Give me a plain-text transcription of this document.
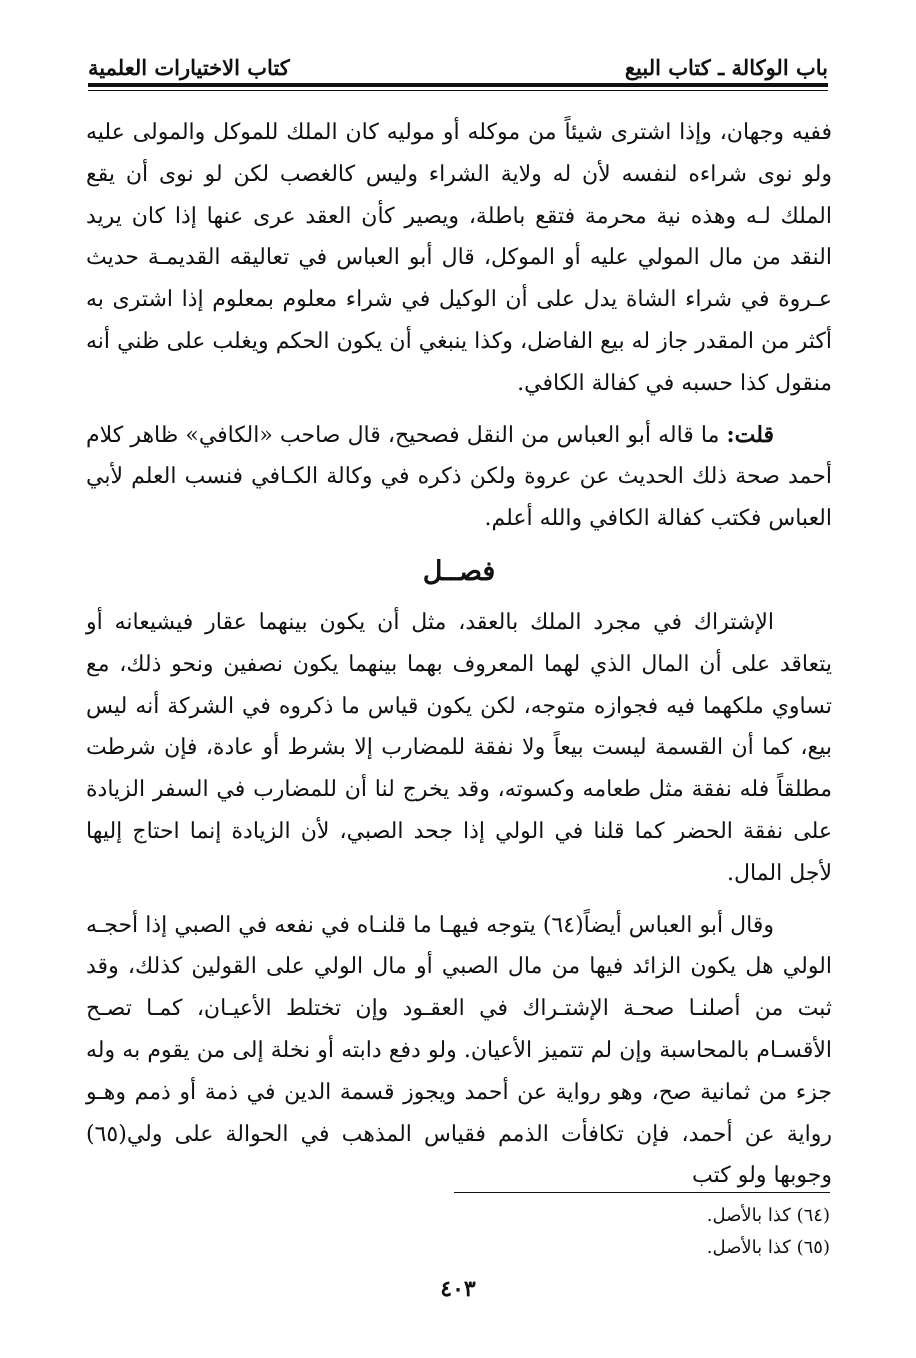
باب الوكالة ـ كتاب البيع
كتاب الاختيارات العلمية

ففيه وجهان، وإذا اشترى شيئاً من موكله أو موليه كان الملك للموكل والمولى عليه ولو نوى شراءه لنفسه لأن له ولاية الشراء وليس كالغصب لكن لو نوى أن يقع الملك لـه وهذه نية محرمة فتقع باطلة، ويصير كأن العقد عرى عنها إذا كان يريد النقد من مال المولي عليه أو الموكل، قال أبو العباس في تعاليقه القديمـة حديث عـروة في شراء الشاة يدل على أن الوكيل في شراء معلوم بمعلوم إذا اشترى به أكثر من المقدر جاز له بيع الفاضل، وكذا ينبغي أن يكون الحكم ويغلب على ظني أنه منقول كذا حسبه في كفالة الكافي.

قلت: ما قاله أبو العباس من النقل فصحيح، قال صاحب «الكافي» ظاهر كلام أحمد صحة ذلك الحديث عن عروة ولكن ذكره في وكالة الكـافي فنسب العلم لأبي العباس فكتب كفالة الكافي والله أعلم.

فصــل

الإشتراك في مجرد الملك بالعقد، مثل أن يكون بينهما عقار فيشيعانه أو يتعاقد على أن المال الذي لهما المعروف بهما بينهما يكون نصفين ونحو ذلك، مع تساوي ملكهما فيه فجوازه متوجه، لكن يكون قياس ما ذكروه في الشركة أنه ليس بيع، كما أن القسمة ليست بيعاً ولا نفقة للمضارب إلا بشرط أو عادة، فإن شرطت مطلقاً فله نفقة مثل طعامه وكسوته، وقد يخرج لنا أن للمضارب في السفر الزيادة على نفقة الحضر كما قلنا في الولي إذا جحد الصبي، لأن الزيادة إنما احتاج إليها لأجل المال.

وقال أبو العباس أيضاً(٦٤) يتوجه فيهـا ما قلنـاه في نفعه في الصبي إذا أحجـه الولي هل يكون الزائد فيها من مال الصبي أو مال الولي على القولين كذلك، وقد ثبت من أصلنـا صحـة الإشتـراك في العقـود وإن تختلط الأعيـان، كمـا تصـح الأقسـام بالمحاسبة وإن لم تتميز الأعيان. ولو دفع دابته أو نخلة إلى من يقوم به وله جزء من ثمانية صح، وهو رواية عن أحمد ويجوز قسمة الدين في ذمة أو ذمم وهـو رواية عن أحمد، فإن تكافأت الذمم فقياس المذهب في الحوالة على ولي(٦٥) وجوبها ولو كتب

(٦٤) كذا بالأصل.
(٦٥) كذا بالأصل.
٤٠٣
